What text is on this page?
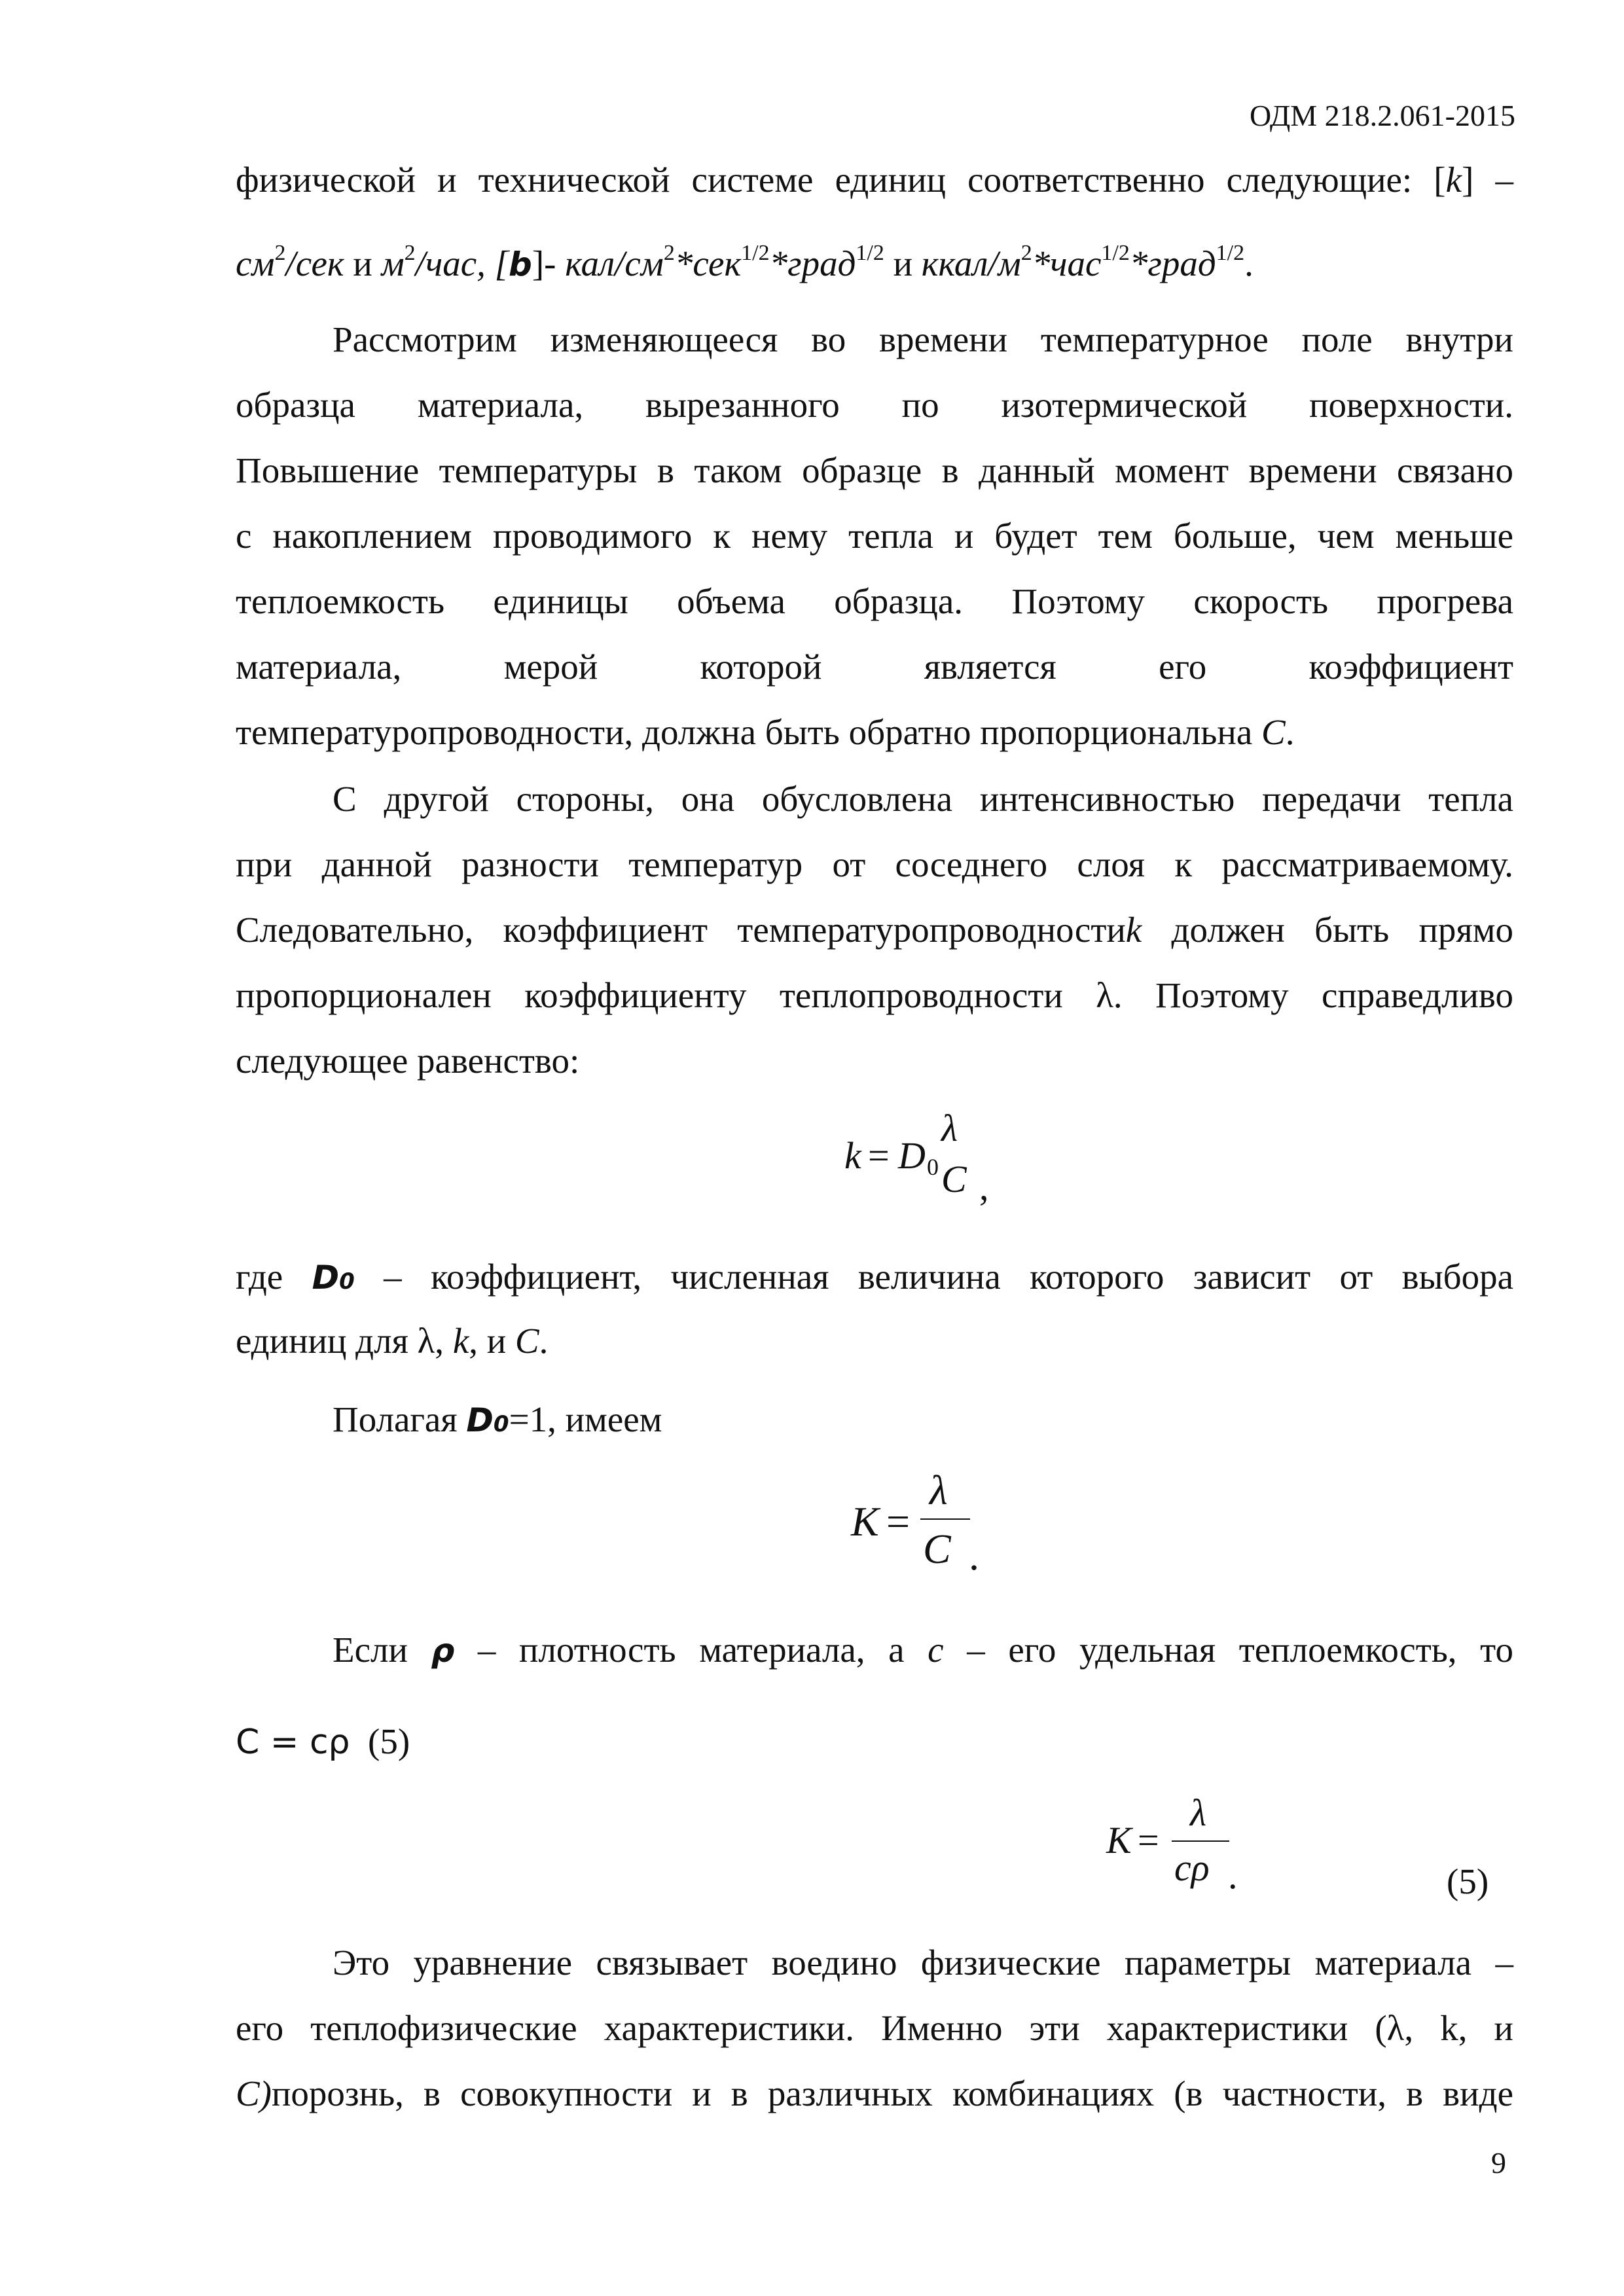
ОДМ 218.2.061-2015
физической и технической системе единиц соответственно следующие: [k] –
$см^2$/сек и $м^2$/час, [b]- кал/$см^2*сек^{1/2}*град^{1/2}$ и ккал/$м^2*час^{1/2}*град^{1/2}$.
Рассмотрим изменяющееся во времени температурное поле внутри
образца материала, вырезанного по изотермической поверхности.
Повышение температуры в таком образце в данный момент времени связано
с накоплением проводимого к нему тепла и будет тем больше, чем меньше
теплоемкость единицы объема образца. Поэтому скорость прогрева
материала, мерой которой является его коэффициент
температуропроводности, должна быть обратно пропорциональна C.
С другой стороны, она обусловлена интенсивностью передачи тепла
при данной разности температур от соседнего слоя к рассматриваемому.
Следовательно, коэффициент температуропроводностиk должен быть прямо
пропорционален коэффициенту теплопроводности λ. Поэтому справедливо
следующее равенство:
k = D 0
λ
C ,
где D0 – коэффициент, численная величина которого зависит от выбора
единиц для λ, k, и C.
Полагая D0=1, имеем
K =
λ
C .
Если ρ – плотность материала, а c – его удельная теплоемкость, то
C = cρ  (5)
K =
λ
cρ .	(5)
Это уравнение связывает воедино физические параметры материала –
его теплофизические характеристики. Именно эти характеристики (λ, k, и
C)порознь, в совокупности и в различных комбинациях (в частности, в виде
9
